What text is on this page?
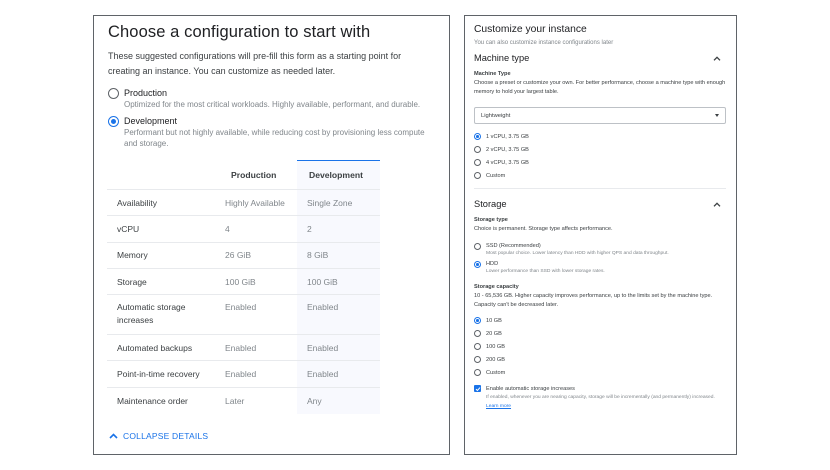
Choose a configuration to start with
These suggested configurations will pre-fill this form as a starting point for creating an instance. You can customize as needed later.
Production
Optimized for the most critical workloads. Highly available, performant, and durable.
Development
Performant but not highly available, while reducing cost by provisioning less compute and storage.
	Production	Development
Availability	Highly Available	Single Zone
vCPU	4	2
Memory	26 GiB	8 GiB
Storage	100 GiB	100 GiB
Automatic storage increases	Enabled	Enabled
Automated backups	Enabled	Enabled
Point-in-time recovery	Enabled	Enabled
Maintenance order	Later	Any
COLLAPSE DETAILS
Customize your instance
You can also customize instance configurations later
Machine type
Machine Type
Choose a preset or customize your own. For better performance, choose a machine type with enough memory to hold your largest table.
Lightweight
1 vCPU, 3.75 GB
2 vCPU, 3.75 GB
4 vCPU, 3.75 GB
Custom
Storage
Storage type
Choice is permanent. Storage type affects performance.
SSD (Recommended)
Most popular choice. Lower latency than HDD with higher QPS and data throughput.
HDD
Lower performance than SSD with lower storage rates.
Storage capacity
10 - 65,536 GB. Higher capacity improves performance, up to the limits set by the machine type. Capacity can't be decreased later.
10 GB
20 GB
100 GB
200 GB
Custom
Enable automatic storage increases
If enabled, whenever you are nearing capacity, storage will be incrementally (and permanently) increased. Learn more
